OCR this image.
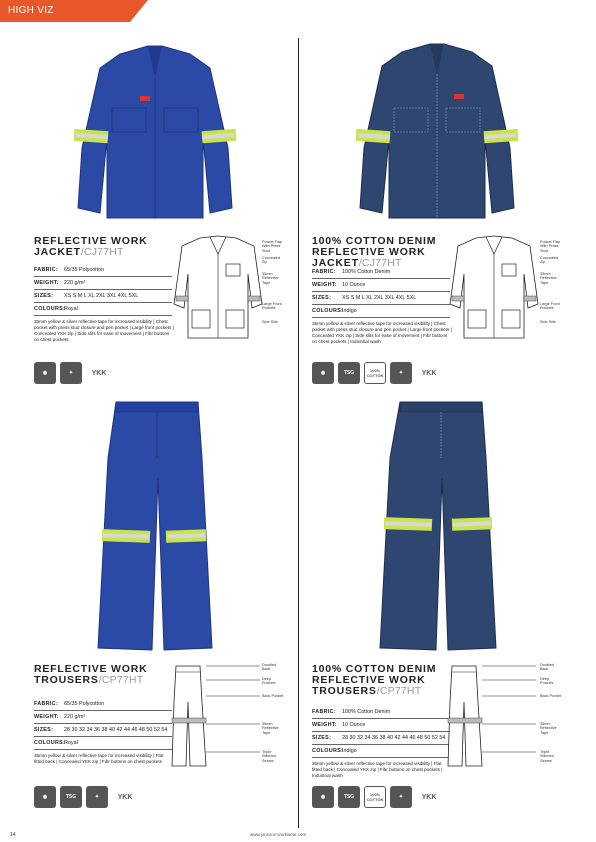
HIGH VIZ
REFLECTIVE WORK
JACKET/CJ77HT
FABRIC:	65/35 Polycotton
WEIGHT: 220 g/m²
SIZES:	XS S M L XL 2XL 3XL 4XL 5XL
COLOURS:
Royal
35mm yellow & silver reflective tape for increased visibility | Chest pocket with press stud closure and pen pocket | Large front pockets | Concealed YKK zip | Side slits for ease of movement | Fibr buttons on chest pockets
Pocket Flap With Press Stud
Concealed Zip
35mm Reflective Tape
Large Front Pockets
Side Slits
◉	✦	YKK
100% COTTON DENIM
REFLECTIVE WORK
JACKET/CJ77HT
FABRIC:	100% Cotton Denim
WEIGHT: 10 Ounce
SIZES:	XS S M L XL 2XL 3XL 4XL 5XL
COLOURS:
Indigo
35mm yellow & silver reflective tape for increased visibility | Chest pocket with press stud closure and pen pocket | Large front pockets | Concealed YKK zip | Side slits for ease of movement | Fibr buttons on chest pockets | Industrial wash
Pocket Flap With Press Stud
Concealed Zip
35mm Reflective Tape
Large Front Pockets
Side Slits
◉	TSG	100% COTTON	✦	YKK
REFLECTIVE WORK
TROUSERS/CP77HT
FABRIC:	65/35 Polycotton
WEIGHT: 220 g/m²
SIZES:	28 30 32 34 36 38 40 42 44 46 48 50 52 54
COLOURS:
Royal
35mm yellow & silver reflective tape for increased visibility | Flat fitted back | Concealed YKK zip | Fibr buttons on chest pockets
Doubled Back
Deep Pockets
Back Pocket
35mm Reflective Tape
Triple Stitched Seams
◉	TSG	✦	YKK
100% COTTON DENIM
REFLECTIVE WORK
TROUSERS/CP77HT
FABRIC:	100% Cotton Denim
WEIGHT: 10 Ounce
SIZES:	28 30 32 34 36 38 40 42 44 46 48 50 52 54
COLOURS:
Indigo
35mm yellow & silver reflective tape for increased visibility | Flat fitted back | Concealed YKK zip | Fibr buttons on chest pockets | Industrial wash
Doubled Back
Deep Pockets
Back Pocket
35mm Reflective Tape
Triple Stitched Seams
◉	TSG	100% COTTON	✦	YKK
14	www.jonsson workwear.com
